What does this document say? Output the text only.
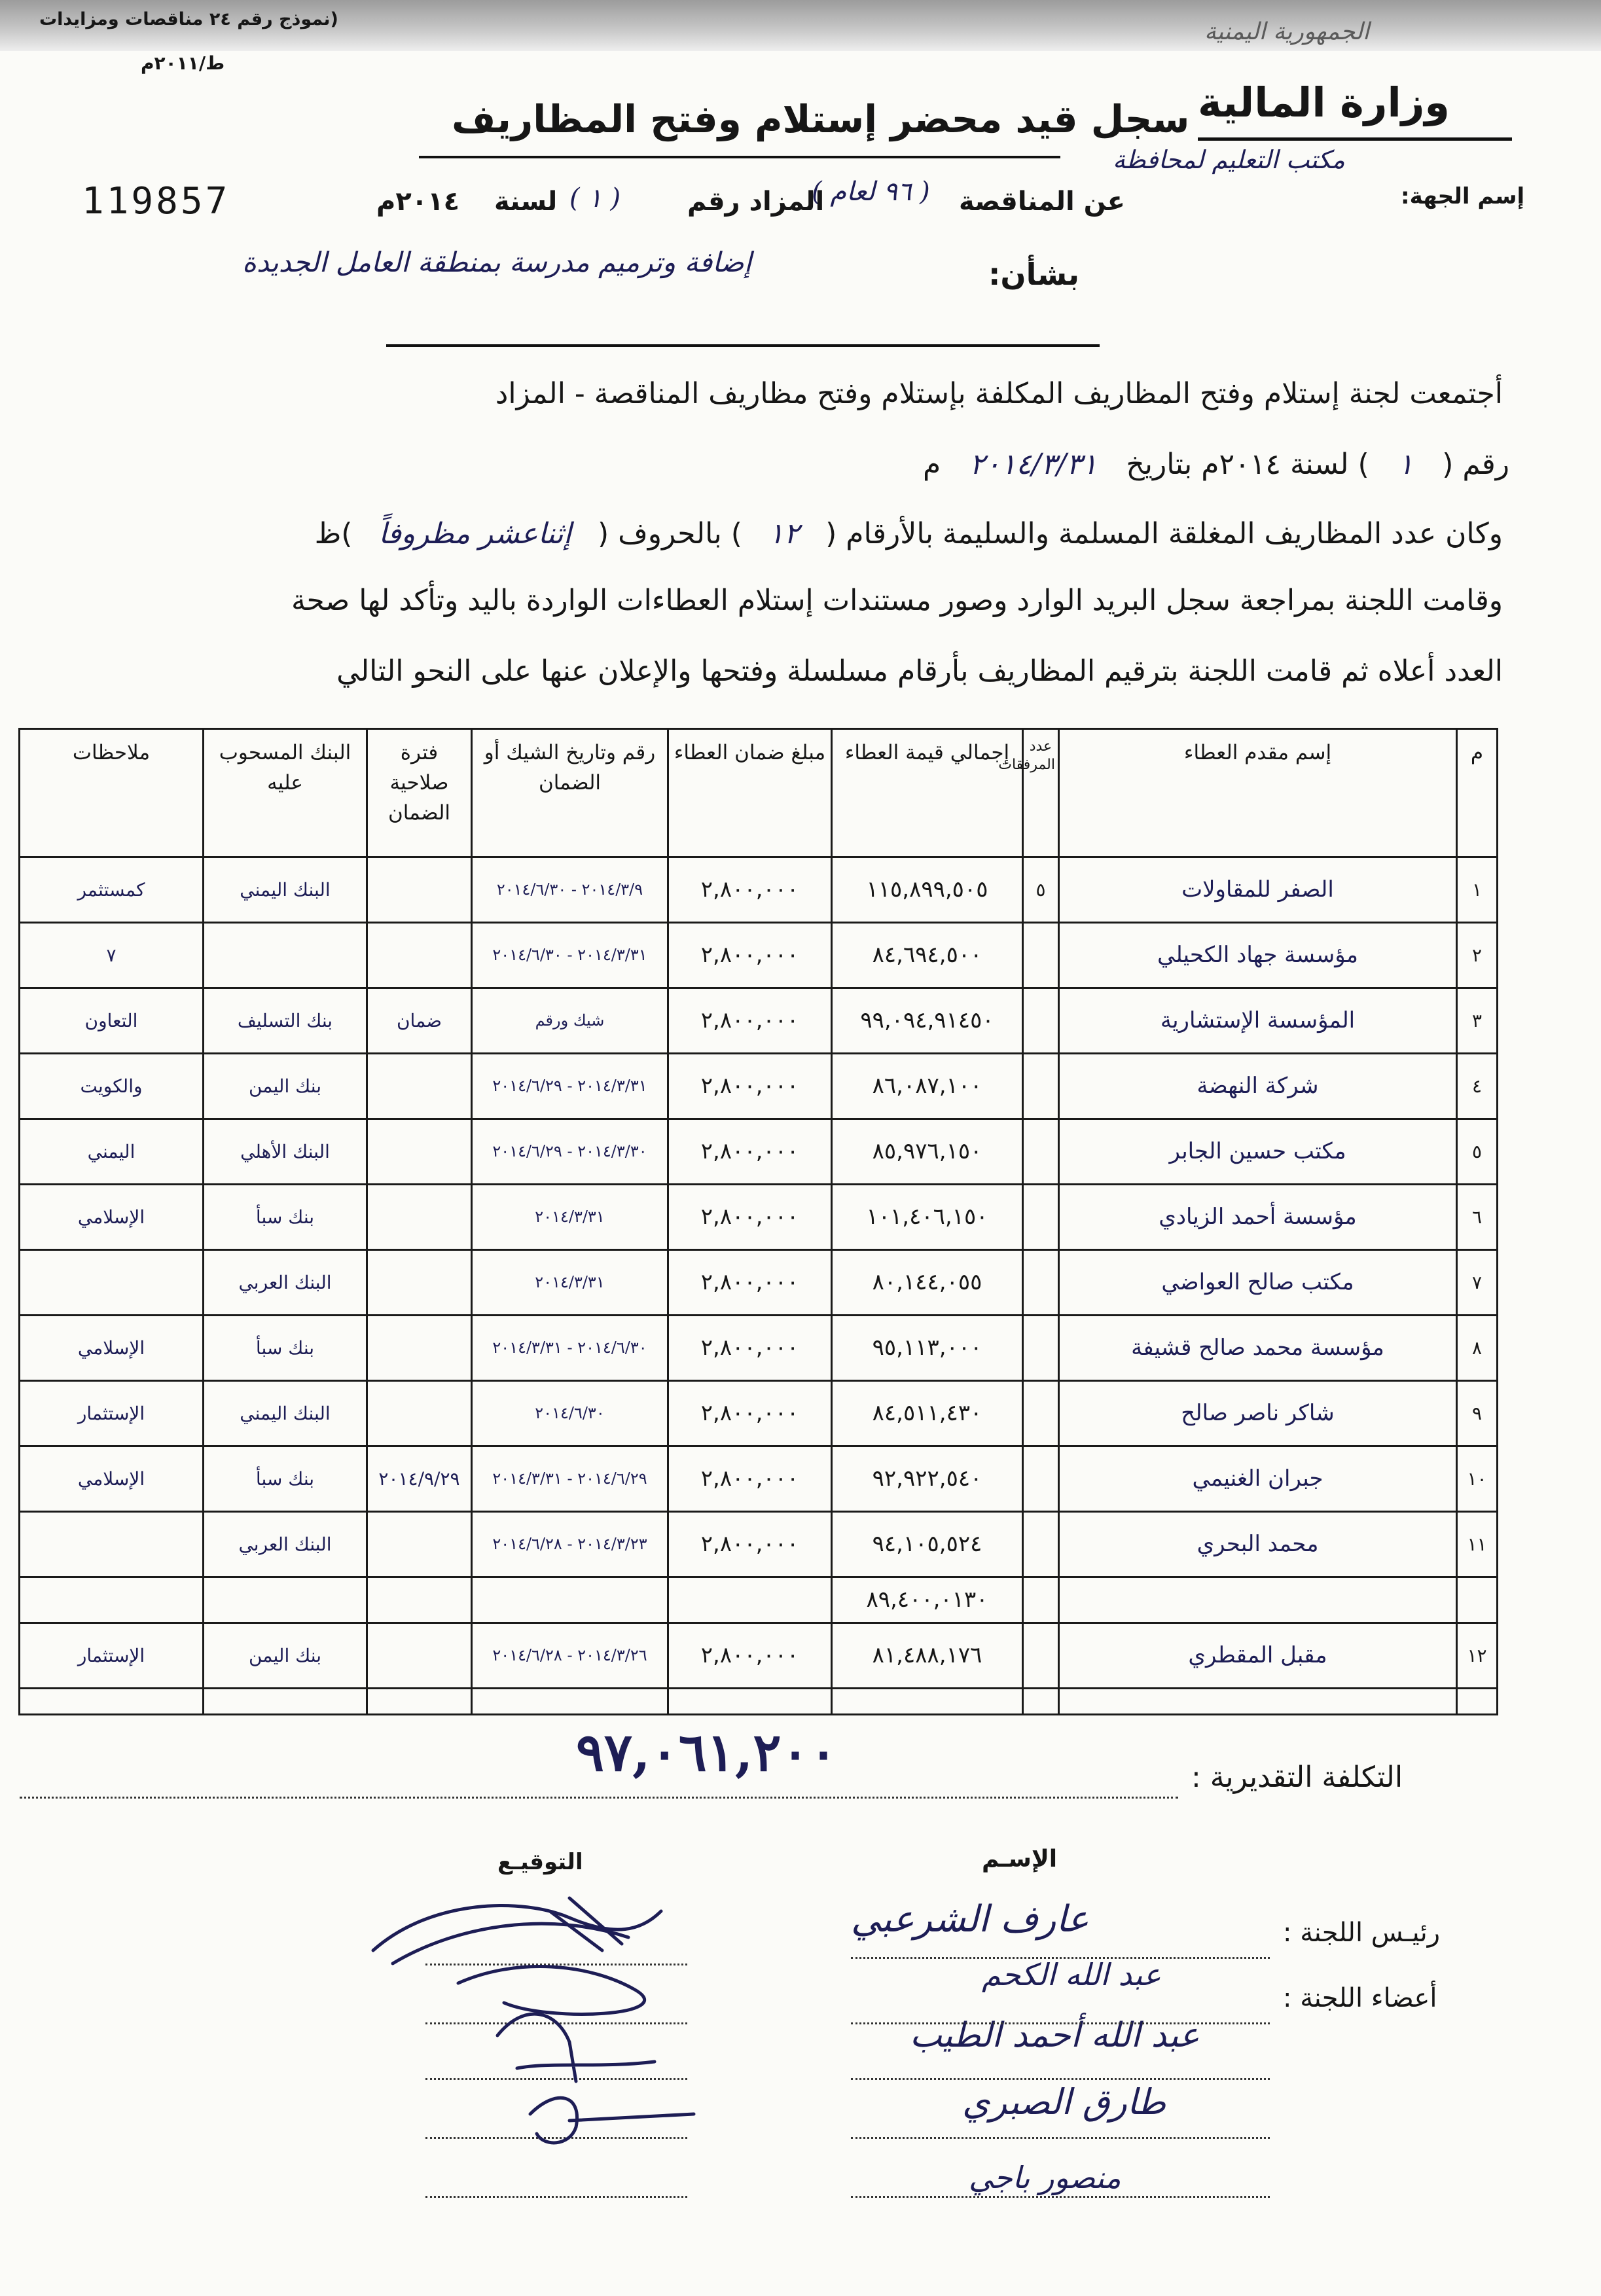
(نموذج رقم ٢٤ مناقصات ومزايدات
ط/٢٠١١م
الجمهورية اليمنية
وزارة المالية
سجل قيد محضر إستلام وفتح المظاريف
119857	إسم الجهة:
مكتب التعليم لمحافظة
عن المناقصة
( ٩٦ لعام )
المزاد رقم
( ١ )
لسنة
٢٠١٤م
بشأن:
إضافة وترميم مدرسة بمنطقة العامل الجديدة
أجتمعت لجنة إستلام وفتح المظاريف المكلفة بإستلام وفتح مظاريف المناقصة - المزاد
رقم ( ١ ) لسنة ٢٠١٤م بتاريخ ٢٠١٤/٣/٣١ م
وكان عدد المظاريف المغلقة المسلمة والسليمة بالأرقام ( ١٢ ) بالحروف ( إثناعشر مظروفاً )ظ
وقامت اللجنة بمراجعة سجل البريد الوارد وصور مستندات إستلام العطاءات الواردة باليد وتأكد لها صحة
العدد أعلاه ثم قامت اللجنة بترقيم المظاريف بأرقام مسلسلة وفتحها والإعلان عنها على النحو التالي
م	إسم مقدم العطاء	عدد المرفقات	إجمالي قيمة العطاء	مبلغ ضمان العطاء	رقم وتاريخ الشيك أو الضمان	فترة صلاحية الضمان	البنك المسحوب عليه	ملاحظات
١	الصفر للمقاولات	٥	١١٥,٨٩٩,٥٠٥	٢,٨٠٠,٠٠٠	٢٠١٤/٣/٩ - ٢٠١٤/٦/٣٠		البنك اليمني	كمستثمر
٢	مؤسسة جهاد الكحيلي		٨٤,٦٩٤,٥٠٠	٢,٨٠٠,٠٠٠	٢٠١٤/٣/٣١ - ٢٠١٤/٦/٣٠			٧
٣	المؤسسة الإستشارية		٩٩,٠٩٤,٩١٤٥٠	٢,٨٠٠,٠٠٠	شيك ورقم	ضمان	بنك التسليف	التعاون
٤	شركة النهضة		٨٦,٠٨٧,١٠٠	٢,٨٠٠,٠٠٠	٢٠١٤/٣/٣١ - ٢٠١٤/٦/٢٩		بنك اليمن	والكويت
٥	مكتب حسين الجابر		٨٥,٩٧٦,١٥٠	٢,٨٠٠,٠٠٠	٢٠١٤/٣/٣٠ - ٢٠١٤/٦/٢٩		البنك الأهلي	اليمني
٦	مؤسسة أحمد الزيادي		١٠١,٤٠٦,١٥٠	٢,٨٠٠,٠٠٠	٢٠١٤/٣/٣١		بنك سبأ	الإسلامي
٧	مكتب صالح العواضي		٨٠,١٤٤,٠٥٥	٢,٨٠٠,٠٠٠	٢٠١٤/٣/٣١		البنك العربي	
٨	مؤسسة محمد صالح قشيفة		٩٥,١١٣,٠٠٠	٢,٨٠٠,٠٠٠	٢٠١٤/٦/٣٠ - ٢٠١٤/٣/٣١		بنك سبأ	الإسلامي
٩	شاكر ناصر صالح		٨٤,٥١١,٤٣٠	٢,٨٠٠,٠٠٠	٢٠١٤/٦/٣٠		البنك اليمني	الإستثمار
١٠	جبران الغنيمي		٩٢,٩٢٢,٥٤٠	٢,٨٠٠,٠٠٠	٢٠١٤/٦/٢٩ - ٢٠١٤/٣/٣١	٢٠١٤/٩/٢٩	بنك سبأ	الإسلامي
١١	محمد البحري		٩٤,١٠٥,٥٢٤	٢,٨٠٠,٠٠٠	٢٠١٤/٣/٢٣ - ٢٠١٤/٦/٢٨		البنك العربي	
			٨٩,٤٠٠,٠١٣٠					
١٢	مقبل المقطري		٨١,٤٨٨,١٧٦	٢,٨٠٠,٠٠٠	٢٠١٤/٣/٢٦ - ٢٠١٤/٦/٢٨		بنك اليمن	الإستثمار

التكلفة التقديرية :
٩٧,٠٦١,٢٠٠
الإسـم
التوقيـع
رئيـس اللجنة :
عارف الشرعبي
أعضاء اللجنة :
عبد الله الكحم
عبد الله أحمد الطيب
طارق الصبري
منصور باجي
